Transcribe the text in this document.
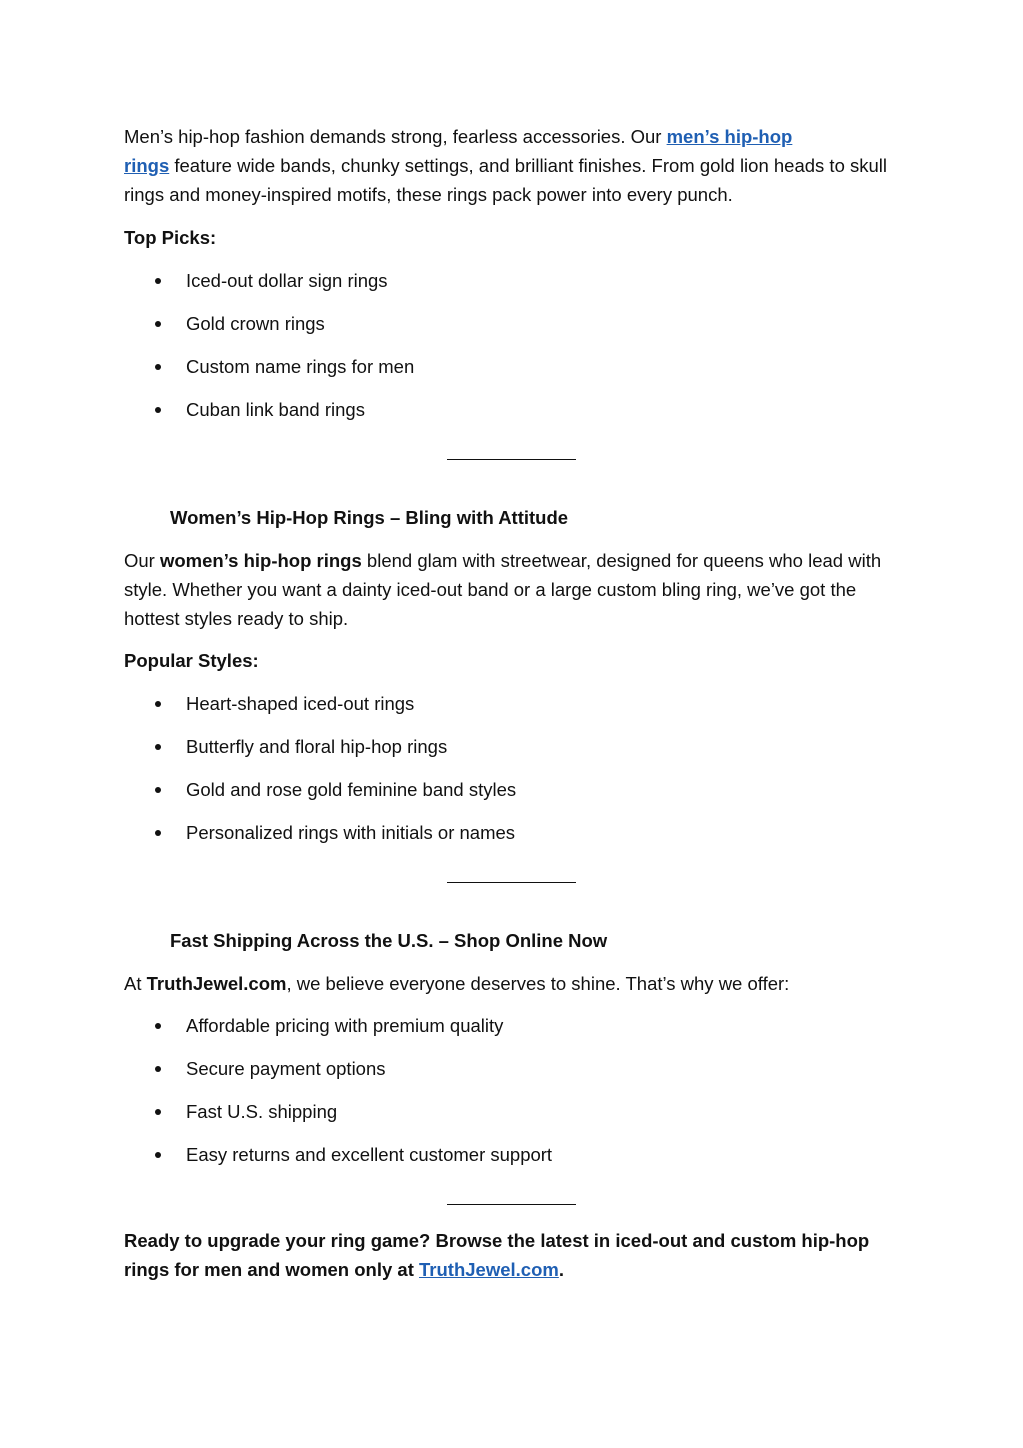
Men’s hip-hop fashion demands strong, fearless accessories. Our men’s hip-hop
rings feature wide bands, chunky settings, and brilliant finishes. From gold lion heads to skull rings and money-inspired motifs, these rings pack power into every punch.

Top Picks:
Iced-out dollar sign rings
Gold crown rings
Custom name rings for men
Cuban link band rings
Women’s Hip-Hop Rings – Bling with Attitude

Our women’s hip-hop rings blend glam with streetwear, designed for queens who lead with style. Whether you want a dainty iced-out band or a large custom bling ring, we’ve got the hottest styles ready to ship.

Popular Styles:
Heart-shaped iced-out rings
Butterfly and floral hip-hop rings
Gold and rose gold feminine band styles
Personalized rings with initials or names
Fast Shipping Across the U.S. – Shop Online Now

At TruthJewel.com, we believe everyone deserves to shine. That’s why we offer:

Affordable pricing with premium quality
Secure payment options
Fast U.S. shipping
Easy returns and excellent customer support

Ready to upgrade your ring game? Browse the latest in iced-out and custom hip-hop rings for men and women only at TruthJewel.com.
